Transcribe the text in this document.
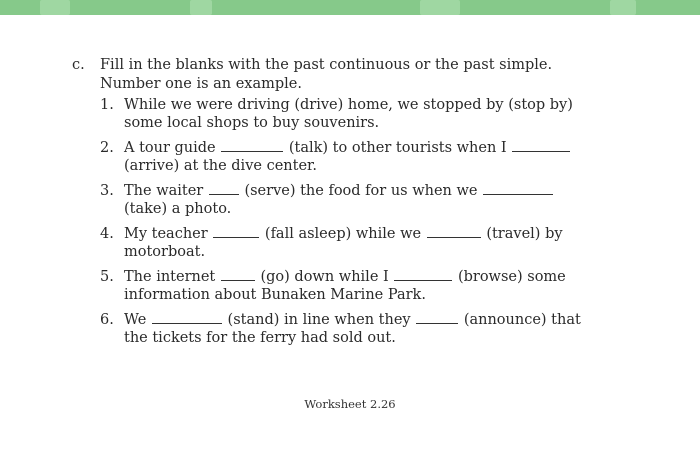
c.	Fill in the blanks with the past continuous or the past simple. Number one is an example.
1. While we were driving (drive) home, we stopped by (stop by) some local shops to buy souvenirs.
2. A tour guide	(talk) to other tourists when I
(arrive) at the dive center.
3. The waiter	(serve) the food for us when we
(take) a photo.
4. My teacher	(fall asleep) while we	(travel) by motorboat.
5. The internet	(go) down while I	(browse) some information about Bunaken Marine Park.
6. We	(stand) in line when they	(announce) that the tickets for the ferry had sold out.
Worksheet 2.26
